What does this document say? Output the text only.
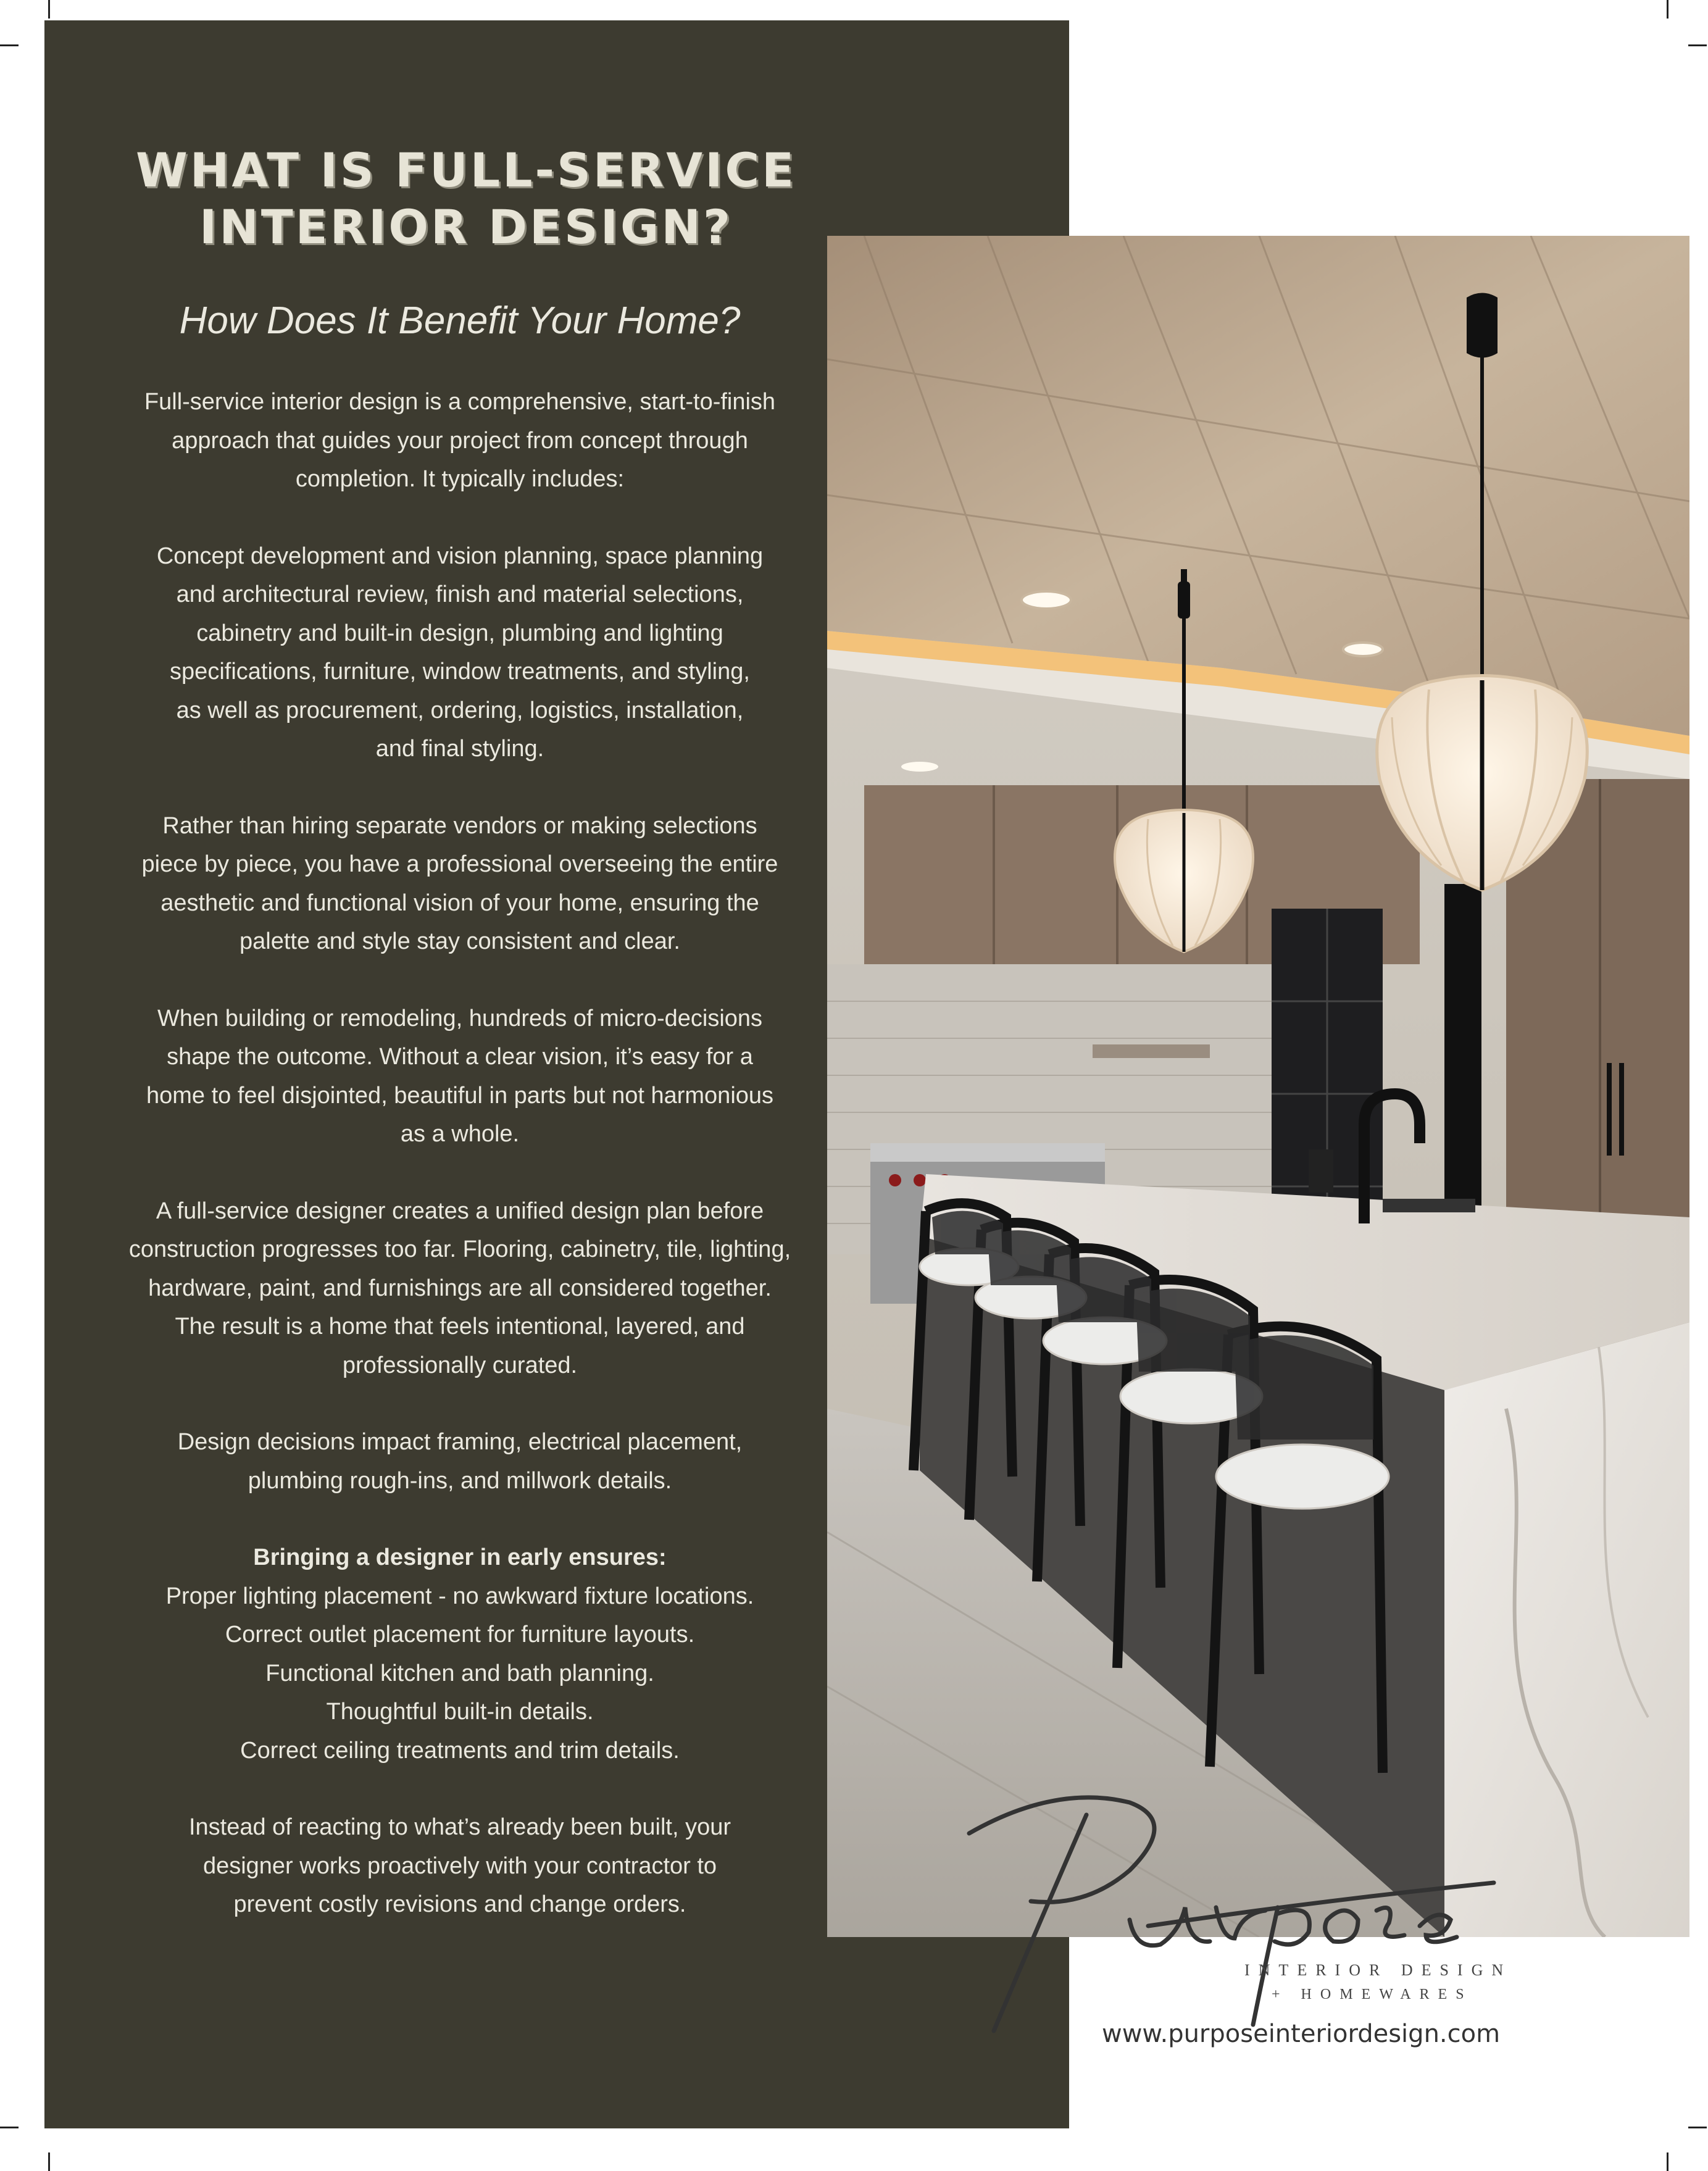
WHAT IS FULL-SERVICE
INTERIOR DESIGN?
How Does It Benefit Your Home?

Full-service interior design is a comprehensive, start-to-finish
approach that guides your project from concept through
completion. It typically includes:

Concept development and vision planning, space planning
and architectural review, finish and material selections,
cabinetry and built-in design, plumbing and lighting
specifications, furniture, window treatments, and styling,
as well as procurement, ordering, logistics, installation,
and final styling.

Rather than hiring separate vendors or making selections
piece by piece, you have a professional overseeing the entire
aesthetic and functional vision of your home, ensuring the
palette and style stay consistent and clear.

When building or remodeling, hundreds of micro-decisions
shape the outcome. Without a clear vision, it’s easy for a
home to feel disjointed, beautiful in parts but not harmonious
as a whole.

A full-service designer creates a unified design plan before
construction progresses too far. Flooring, cabinetry, tile, lighting,
hardware, paint, and furnishings are all considered together.
The result is a home that feels intentional, layered, and
professionally curated.

Design decisions impact framing, electrical placement,
plumbing rough-ins, and millwork details.

Bringing a designer in early ensures:
Proper lighting placement - no awkward fixture locations.
Correct outlet placement for furniture layouts.
Functional kitchen and bath planning.
Thoughtful built-in details.
Correct ceiling treatments and trim details.

Instead of reacting to what’s already been built, your
designer works proactively with your contractor to
prevent costly revisions and change orders.

INTERIOR DESIGN
+ HOMEWARES
www.purposeinteriordesign.com
